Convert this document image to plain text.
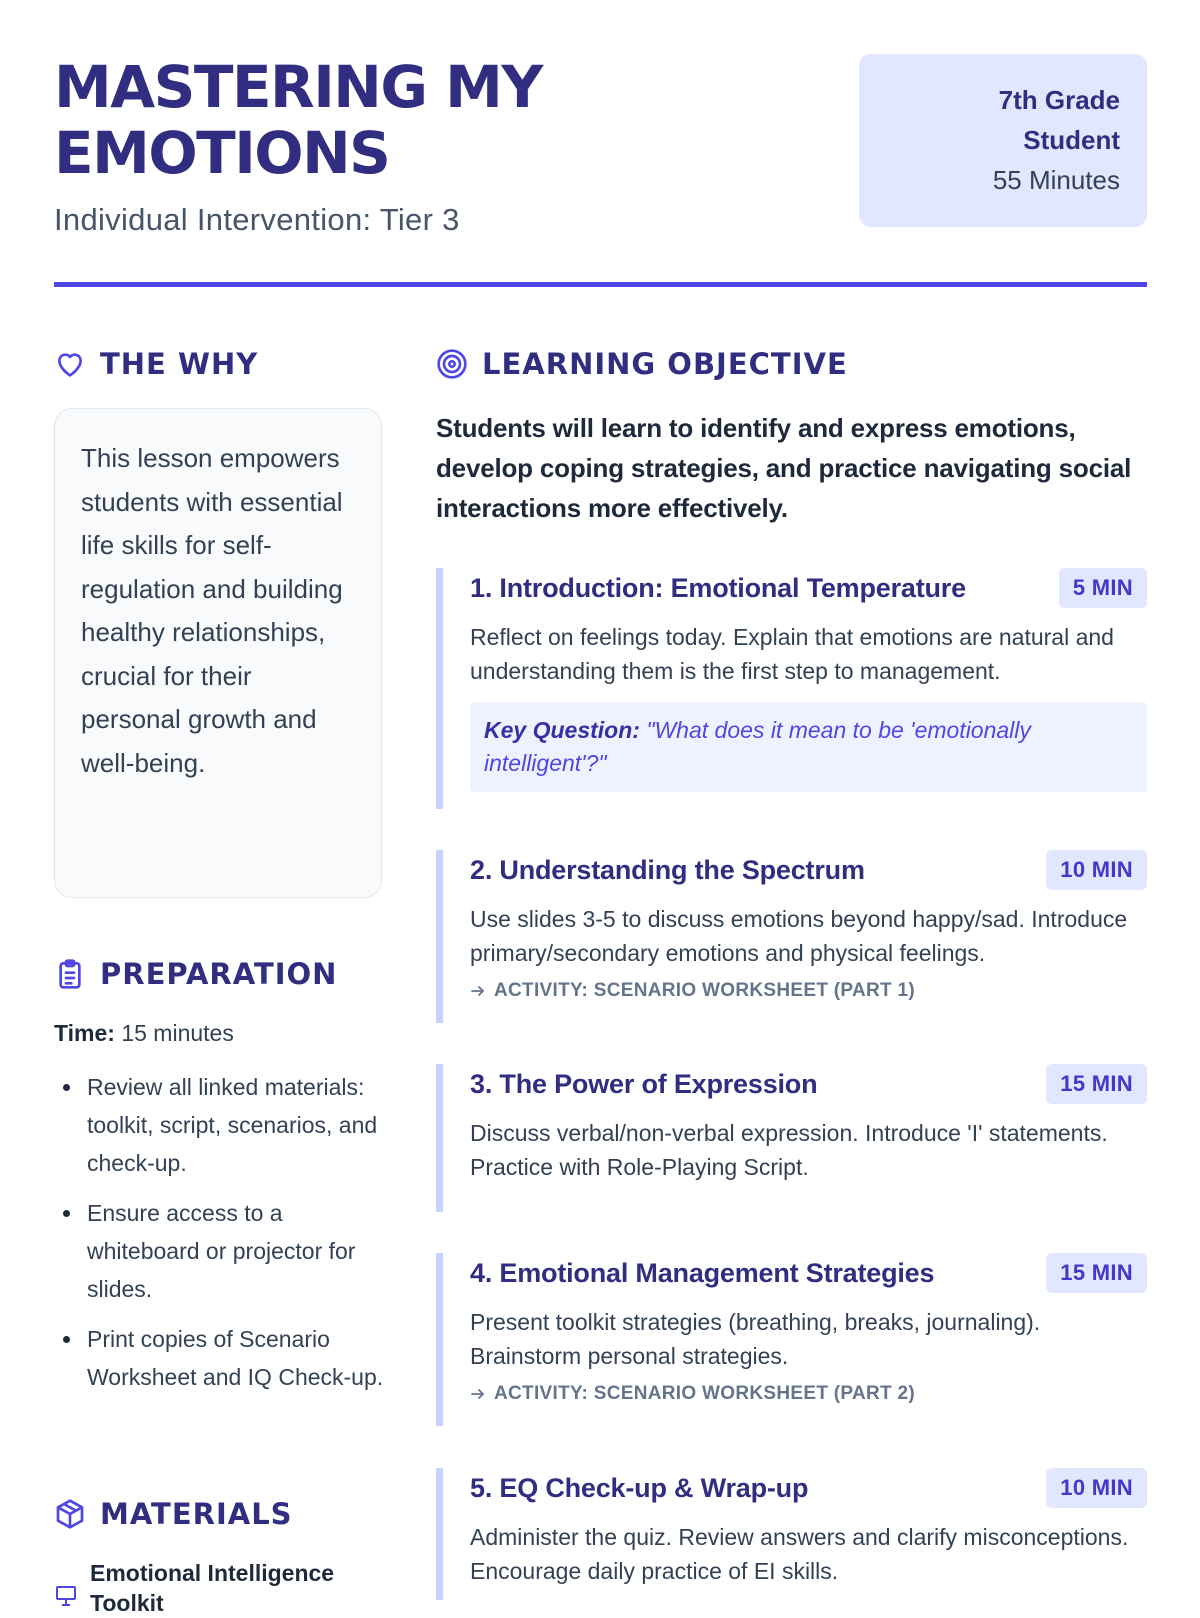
MASTERING MY EMOTIONS
Individual Intervention: Tier 3
7th Grade Student
55 Minutes
THE WHY
This lesson empowers students with essential life skills for self-regulation and building healthy relationships, crucial for their personal growth and well-being.
PREPARATION
Time: 15 minutes
Review all linked materials: toolkit, script, scenarios, and check-up.
Ensure access to a whiteboard or projector for slides.
Print copies of Scenario Worksheet and IQ Check-up.
MATERIALS
Emotional Intelligence Toolkit
LEARNING OBJECTIVE
Students will learn to identify and express emotions, develop coping strategies, and practice navigating social interactions more effectively.
1. Introduction: Emotional Temperature	5 MIN
Reflect on feelings today. Explain that emotions are natural and understanding them is the first step to management.
Key Question: "What does it mean to be 'emotionally intelligent'?"
2. Understanding the Spectrum	10 MIN
Use slides 3-5 to discuss emotions beyond happy/sad. Introduce primary/secondary emotions and physical feelings.
ACTIVITY: SCENARIO WORKSHEET (PART 1)
3. The Power of Expression	15 MIN
Discuss verbal/non-verbal expression. Introduce 'I' statements. Practice with Role-Playing Script.
4. Emotional Management Strategies	15 MIN
Present toolkit strategies (breathing, breaks, journaling). Brainstorm personal strategies.
ACTIVITY: SCENARIO WORKSHEET (PART 2)
5. EQ Check-up & Wrap-up	10 MIN
Administer the quiz. Review answers and clarify misconceptions. Encourage daily practice of EI skills.
